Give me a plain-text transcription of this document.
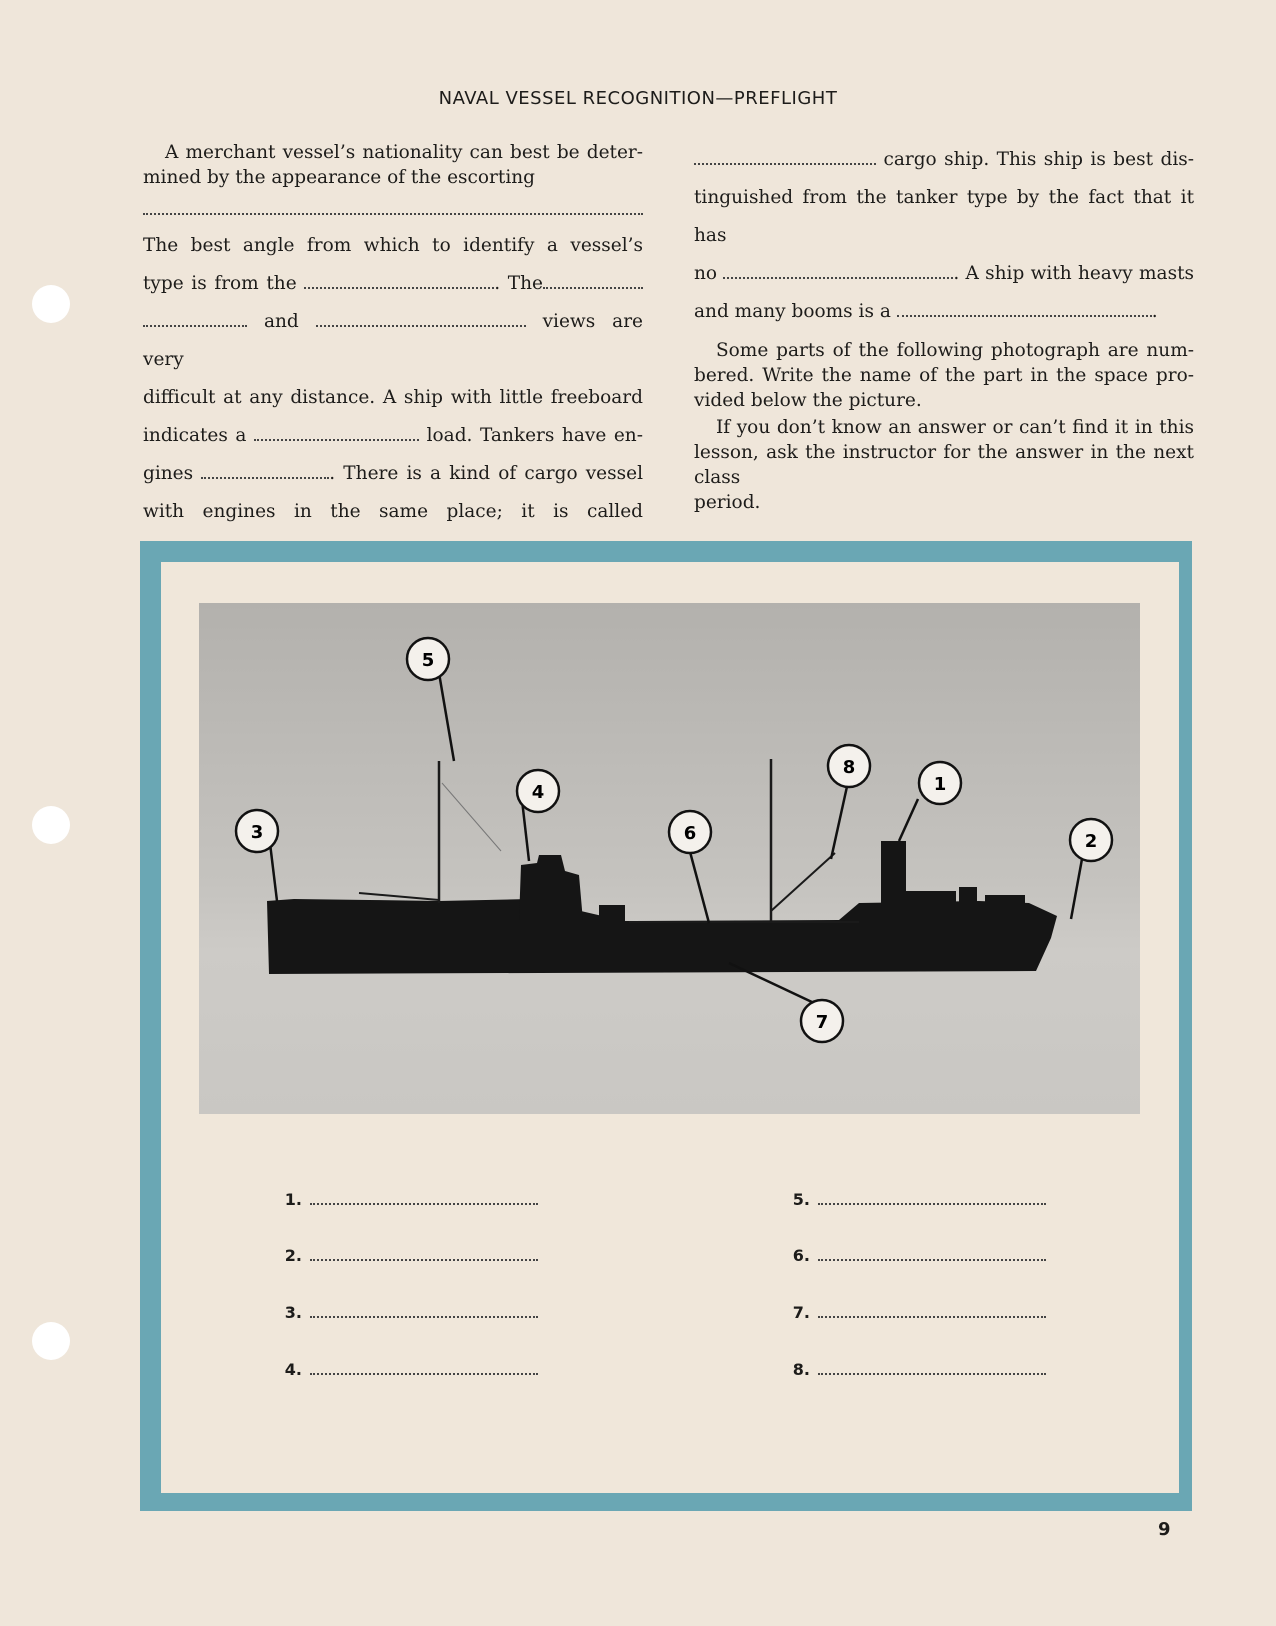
NAVAL VESSEL RECOGNITION—PREFLIGHT

A merchant vessel’s nationality can best be deter-

mined by the appearance of the escorting

The best angle from which to identify a vessel’s

type is from the	. The

and	views are very

difficult at any distance. A ship with little freeboard

indicates a	load. Tankers have en-

gines	. There is a kind of cargo vessel

with engines in the same place; it is called

cargo ship. This ship is best dis-

tinguished from the tanker type by the fact that it has

no	. A ship with heavy masts

and many booms is a	.

Some parts of the following photograph are num-

bered. Write the name of the part in the space pro-

vided below the picture.

If you don’t know an answer or can’t find it in this

lesson, ask the instructor for the answer in the next class

period.

1
2
3
4
5
6
7
8
1.
2.
3.
4.
5.
6.
7.
8.
9
